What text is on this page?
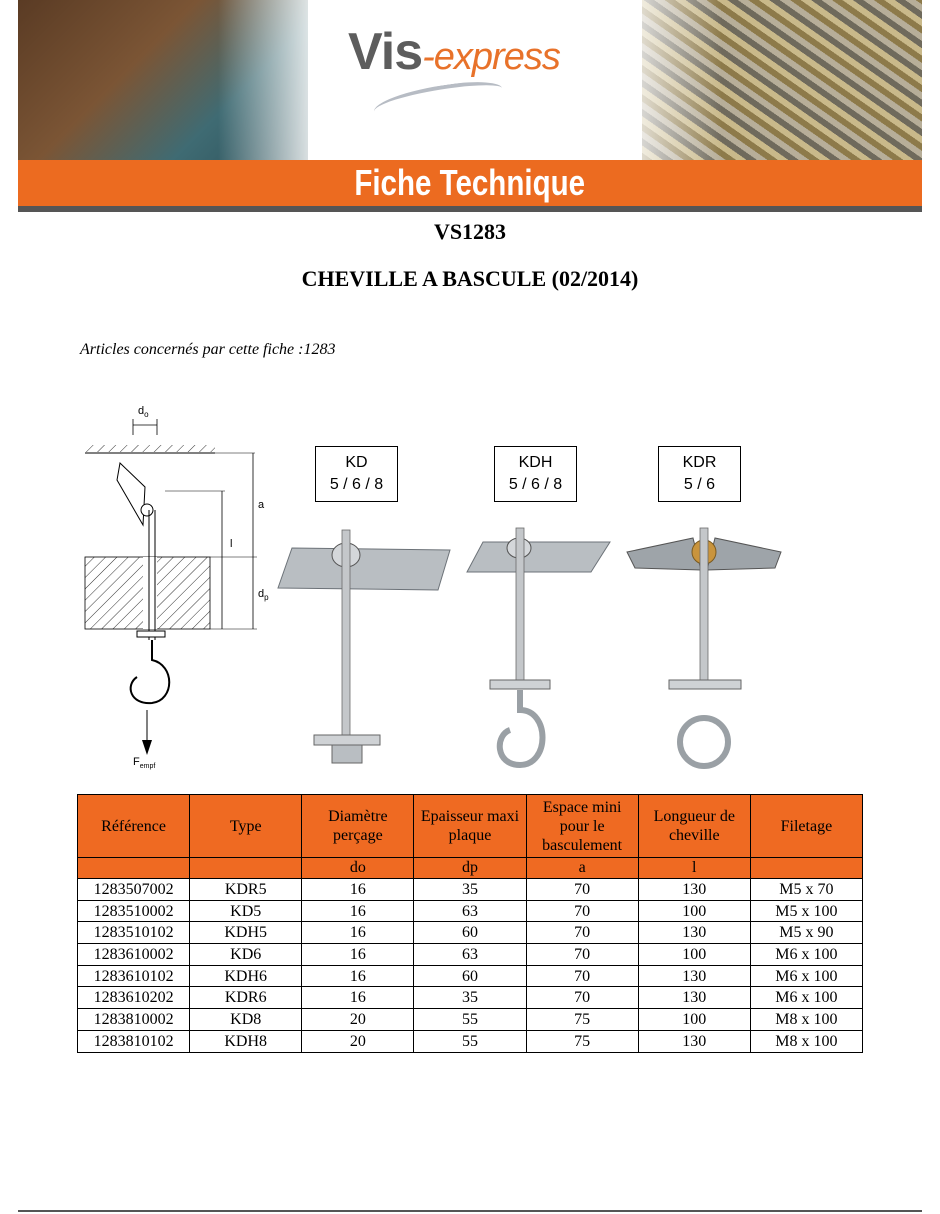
Vis-express
Fiche Technique
VS1283
CHEVILLE A BASCULE (02/2014)
Articles concernés par cette fiche :1283
$d_o$
$F_{empf}$
a
l
$d_p$
KD
5 / 6 / 8
KDH
5 / 6 / 8
KDR
5 / 6
Référence	Type	Diamètre perçage	Epaisseur maxi plaque	Espace mini pour le basculement	Longueur de cheville	Filetage
		do	dp	a	l	
1283507002	KDR5	16	35	70	130	M5 x 70
1283510002	KD5	16	63	70	100	M5 x 100
1283510102	KDH5	16	60	70	130	M5 x 90
1283610002	KD6	16	63	70	100	M6 x 100
1283610102	KDH6	16	60	70	130	M6 x 100
1283610202	KDR6	16	35	70	130	M6 x 100
1283810002	KD8	20	55	75	100	M8 x 100
1283810102	KDH8	20	55	75	130	M8 x 100
